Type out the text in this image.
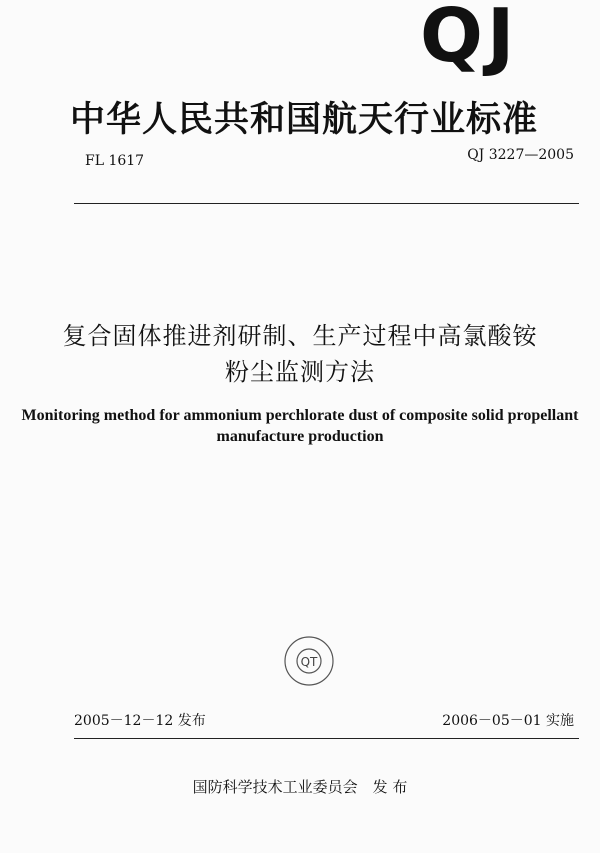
QJ
中华人民共和国航天行业标准
FL 1617	QJ 3227—2005
复合固体推进剂研制、生产过程中高氯酸铵
粉尘监测方法
Monitoring method for ammonium perchlorate dust of composite solid propellant
manufacture production
QT
2005－12－12 发布	2006－05－01 实施
国防科学技术工业委员会　发 布
